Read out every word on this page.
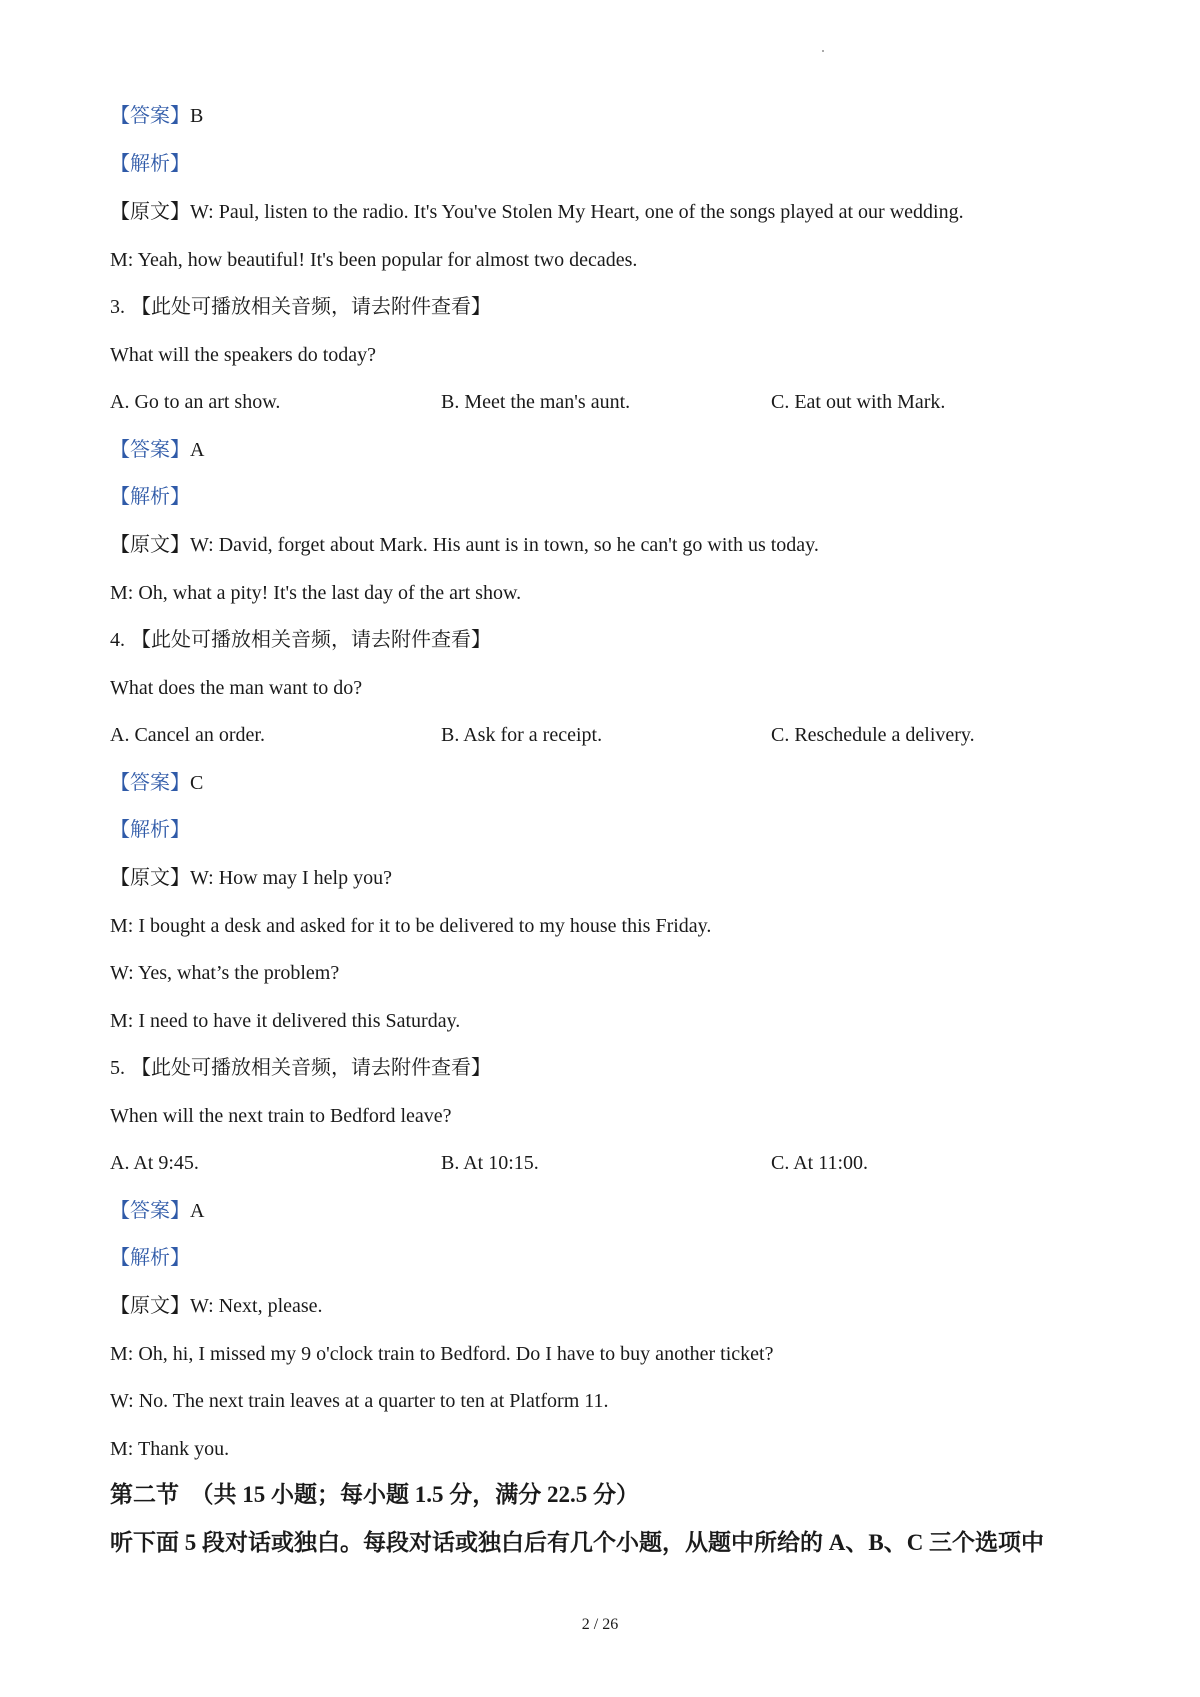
【答案】B
【解析】
【原文】W: Paul, listen to the radio. It's You've Stolen My Heart, one of the songs played at our wedding.
M: Yeah, how beautiful! It's been popular for almost two decades.
3. 【此处可播放相关音频，请去附件查看】
What will the speakers do today?
A. Go to an art show.	B. Meet the man's aunt.	C. Eat out with Mark.
【答案】A
【解析】
【原文】W: David, forget about Mark. His aunt is in town, so he can't go with us today.
M: Oh, what a pity! It's the last day of the art show.
4. 【此处可播放相关音频，请去附件查看】
What does the man want to do?
A. Cancel an order.	B. Ask for a receipt.	C. Reschedule a delivery.
【答案】C
【解析】
【原文】W: How may I help you?
M: I bought a desk and asked for it to be delivered to my house this Friday.
W: Yes, what’s the problem?
M: I need to have it delivered this Saturday.
5. 【此处可播放相关音频，请去附件查看】
When will the next train to Bedford leave?
A. At 9:45.	B. At 10:15.	C. At 11:00.
【答案】A
【解析】
【原文】W: Next, please.
M: Oh, hi, I missed my 9 o'clock train to Bedford. Do I have to buy another ticket?
W: No. The next train leaves at a quarter to ten at Platform 11.
M: Thank you.
第二节　（共 15 小题；每小题 1.5 分，满分 22.5 分）
听下面 5 段对话或独白。每段对话或独白后有几个小题，从题中所给的 A、B、C 三个选项中
2 / 26
